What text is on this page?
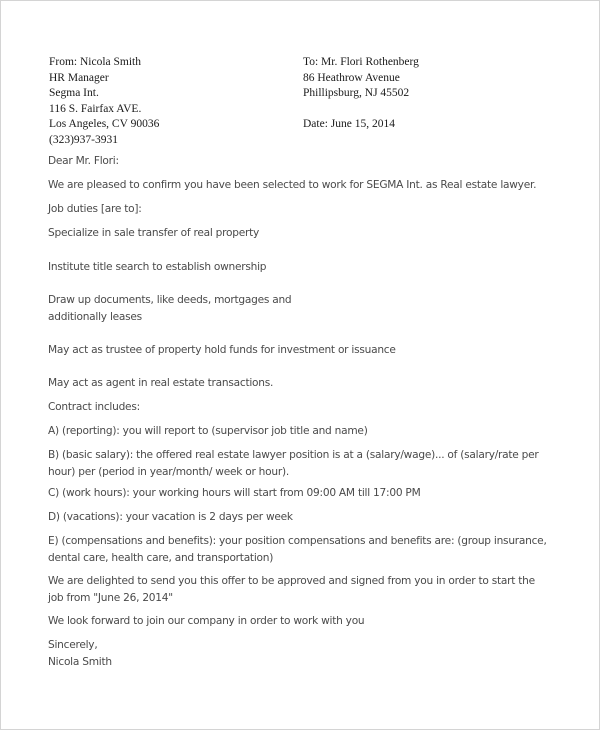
From: Nicola Smith
HR Manager
Segma Int.
116 S. Fairfax AVE.
Los Angeles, CV 90036
(323)937-3931
To: Mr. Flori Rothenberg
86 Heathrow Avenue
Phillipsburg, NJ 45502
Date: June 15, 2014
Dear Mr. Flori:
We are pleased to confirm you have been selected to work for SEGMA Int. as Real estate lawyer.
Job duties [are to]:
Specialize in sale transfer of real property
Institute title search to establish ownership
Draw up documents, like deeds, mortgages and
additionally leases
May act as trustee of property hold funds for investment or issuance
May act as agent in real estate transactions.
Contract includes:
A) (reporting): you will report to (supervisor job title and name)
B) (basic salary): the offered real estate lawyer position is at a (salary/wage)... of (salary/rate per
hour) per (period in year/month/ week or hour).
C) (work hours): your working hours will start from 09:00 AM till 17:00 PM
D) (vacations): your vacation is 2 days per week
E) (compensations and benefits): your position compensations and benefits are: (group insurance,
dental care, health care, and transportation)
We are delighted to send you this offer to be approved and signed from you in order to start the
job from "June 26, 2014"
We look forward to join our company in order to work with you
Sincerely,
Nicola Smith
